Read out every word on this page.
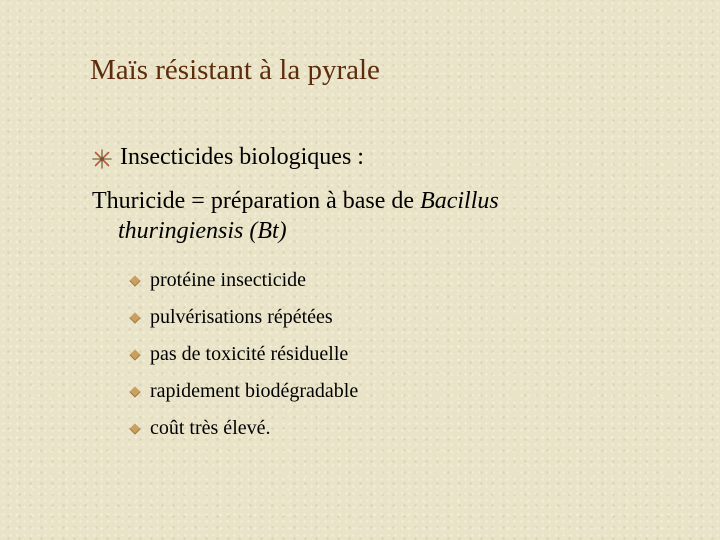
Maïs résistant à la pyrale
Insecticides biologiques :
Thuricide = préparation à base de Bacillus
thuringiensis (Bt)
protéine insecticide
pulvérisations répétées
pas de toxicité résiduelle
rapidement biodégradable
coût très élevé.
